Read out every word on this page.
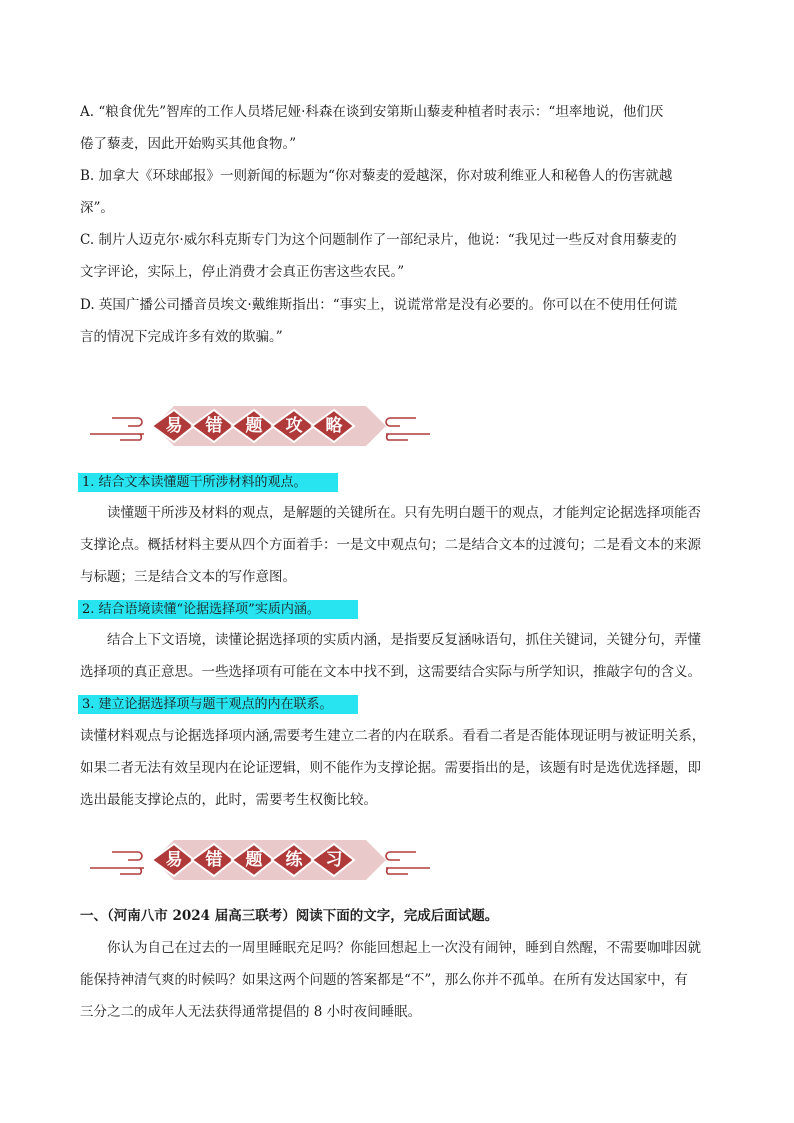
A. “粮食优先”智库的工作人员塔尼娅·科森在谈到安第斯山藜麦种植者时表示：“坦率地说，他们厌
倦了藜麦，因此开始购买其他食物。”
B. 加拿大《环球邮报》一则新闻的标题为“你对藜麦的爱越深，你对玻利维亚人和秘鲁人的伤害就越
深”。
C. 制片人迈克尔·威尔科克斯专门为这个问题制作了一部纪录片，他说：“我见过一些反对食用藜麦的
文字评论，实际上，停止消费才会真正伤害这些农民。”
D. 英国广播公司播音员埃文·戴维斯指出：“事实上，说谎常常是没有必要的。你可以在不使用任何谎
言的情况下完成许多有效的欺骗。”
易	错	题	攻	略
1. 结合文本读懂题干所涉材料的观点。
读懂题干所涉及材料的观点，是解题的关键所在。只有先明白题干的观点，才能判定论据选择项能否
支撑论点。概括材料主要从四个方面着手：一是文中观点句；二是结合文本的过渡句；二是看文本的来源
与标题；三是结合文本的写作意图。
2. 结合语境读懂“论据选择项”实质内涵。
结合上下文语境，读懂论据选择项的实质内涵，是指要反复涵咏语句，抓住关键词，关键分句，弄懂
选择项的真正意思。一些选择项有可能在文本中找不到，这需要结合实际与所学知识，推敲字句的含义。
3. 建立论据选择项与题干观点的内在联系。
读懂材料观点与论据选择项内涵,需要考生建立二者的内在联系。看看二者是否能体现证明与被证明关系，
如果二者无法有效呈现内在论证逻辑，则不能作为支撑论据。需要指出的是，该题有时是选优选择题，即
选出最能支撑论点的，此时，需要考生权衡比较。
易	错	题	练	习
一、（河南八市 2024 届高三联考）阅读下面的文字，完成后面试题。
你认为自己在过去的一周里睡眠充足吗？你能回想起上一次没有闹钟，睡到自然醒，不需要咖啡因就
能保持神清气爽的时候吗？如果这两个问题的答案都是“不”，那么你并不孤单。在所有发达国家中，有
三分之二的成年人无法获得通常提倡的 8 小时夜间睡眠。
